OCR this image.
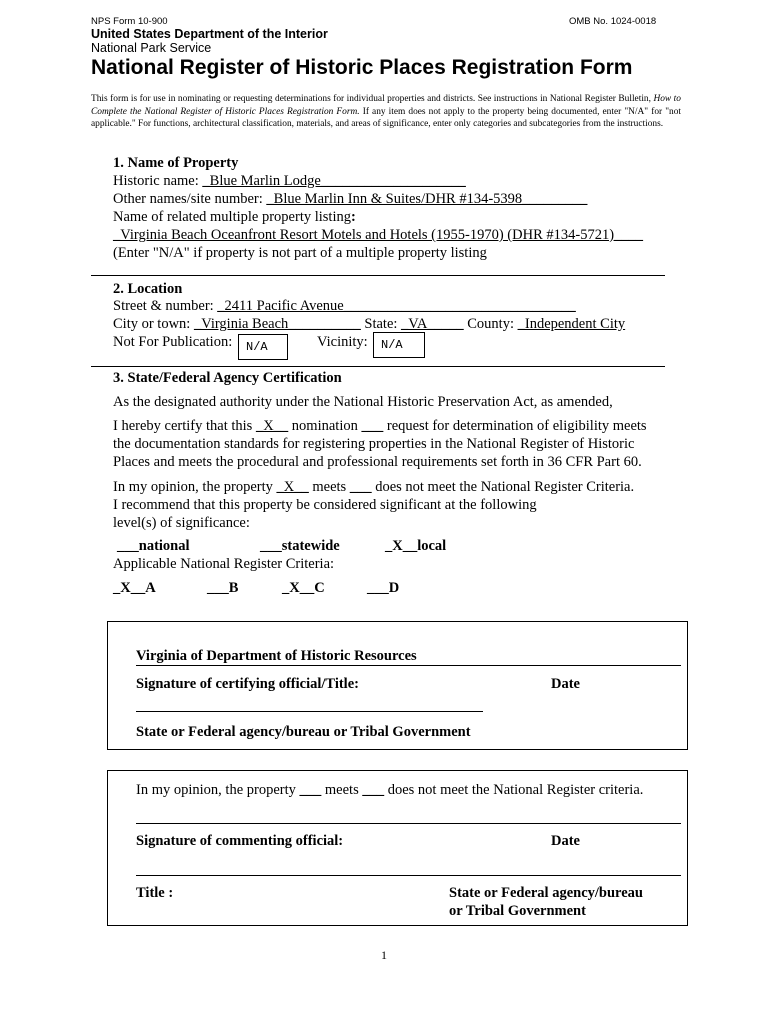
NPS Form 10-900	OMB No. 1024-0018
United States Department of the Interior
National Park Service
National Register of Historic Places Registration Form
This form is for use in nominating or requesting determinations for individual properties and districts. See instructions in National Register Bulletin, How to Complete the National Register of Historic Places Registration Form. If any item does not apply to the property being documented, enter "N/A" for "not applicable." For functions, architectural classification, materials, and areas of significance, enter only categories and subcategories from the instructions.
1. Name of Property
Historic name: _Blue Marlin Lodge____________________
Other names/site number: _Blue Marlin Inn & Suites/DHR #134-5398_________
Name of related multiple property listing:
_Virginia Beach Oceanfront Resort Motels and Hotels (1955-1970) (DHR #134-5721)____
(Enter "N/A" if property is not part of a multiple property listing
2. Location
Street & number: _2411 Pacific Avenue________________________________
City or town: _Virginia Beach__________ State: _VA_____ County: _Independent City
Not For Publication:	N/A	Vicinity:	N/A
3. State/Federal Agency Certification
As the designated authority under the National Historic Preservation Act, as amended,
I hereby certify that this _X__ nomination ___ request for determination of eligibility meets
the documentation standards for registering properties in the National Register of Historic
Places and meets the procedural and professional requirements set forth in 36 CFR Part 60.
In my opinion, the property _X__ meets ___ does not meet the National Register Criteria.
I recommend that this property be considered significant at the following
level(s) of significance:
___national	___statewide	_X__local
Applicable National Register Criteria:
_X__A	___B	_X__C	___D
Virginia of Department of Historic Resources
Signature of certifying official/Title:	Date
State or Federal agency/bureau or Tribal Government
In my opinion, the property ___ meets ___ does not meet the National Register criteria.
Signature of commenting official:	Date
Title :	State or Federal agency/bureau
or Tribal Government
1
